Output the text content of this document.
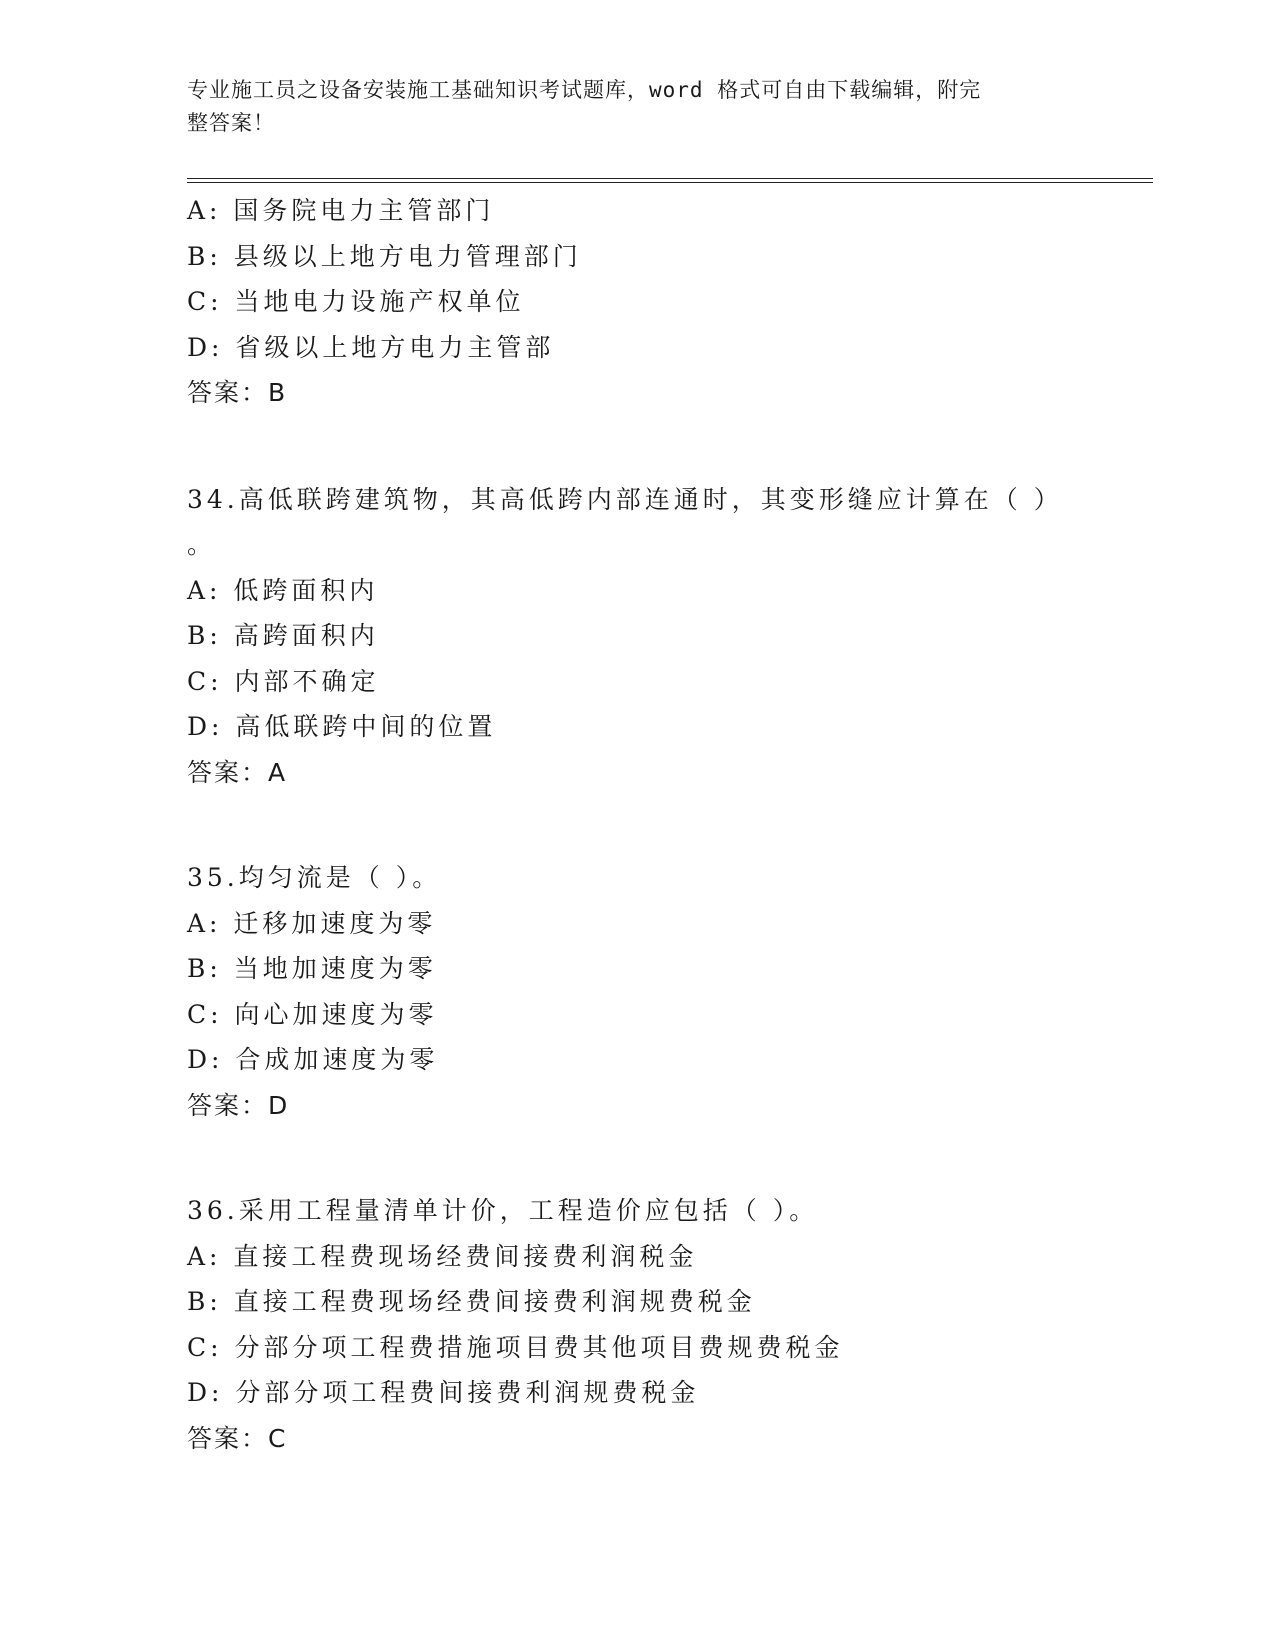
专业施工员之设备安装施工基础知识考试题库，word 格式可自由下载编辑，附完
整答案！
A: 国务院电力主管部门
B: 县级以上地方电力管理部门
C: 当地电力设施产权单位
D: 省级以上地方电力主管部
答案：B
34.高低联跨建筑物，其高低跨内部连通时，其变形缝应计算在（ ）
。
A: 低跨面积内
B: 高跨面积内
C: 内部不确定
D: 高低联跨中间的位置
答案：A
35.均匀流是（ ）。
A: 迁移加速度为零
B: 当地加速度为零
C: 向心加速度为零
D: 合成加速度为零
答案：D
36.采用工程量清单计价，工程造价应包括（ ）。
A: 直接工程费现场经费间接费利润税金
B: 直接工程费现场经费间接费利润规费税金
C: 分部分项工程费措施项目费其他项目费规费税金
D: 分部分项工程费间接费利润规费税金
答案：C
